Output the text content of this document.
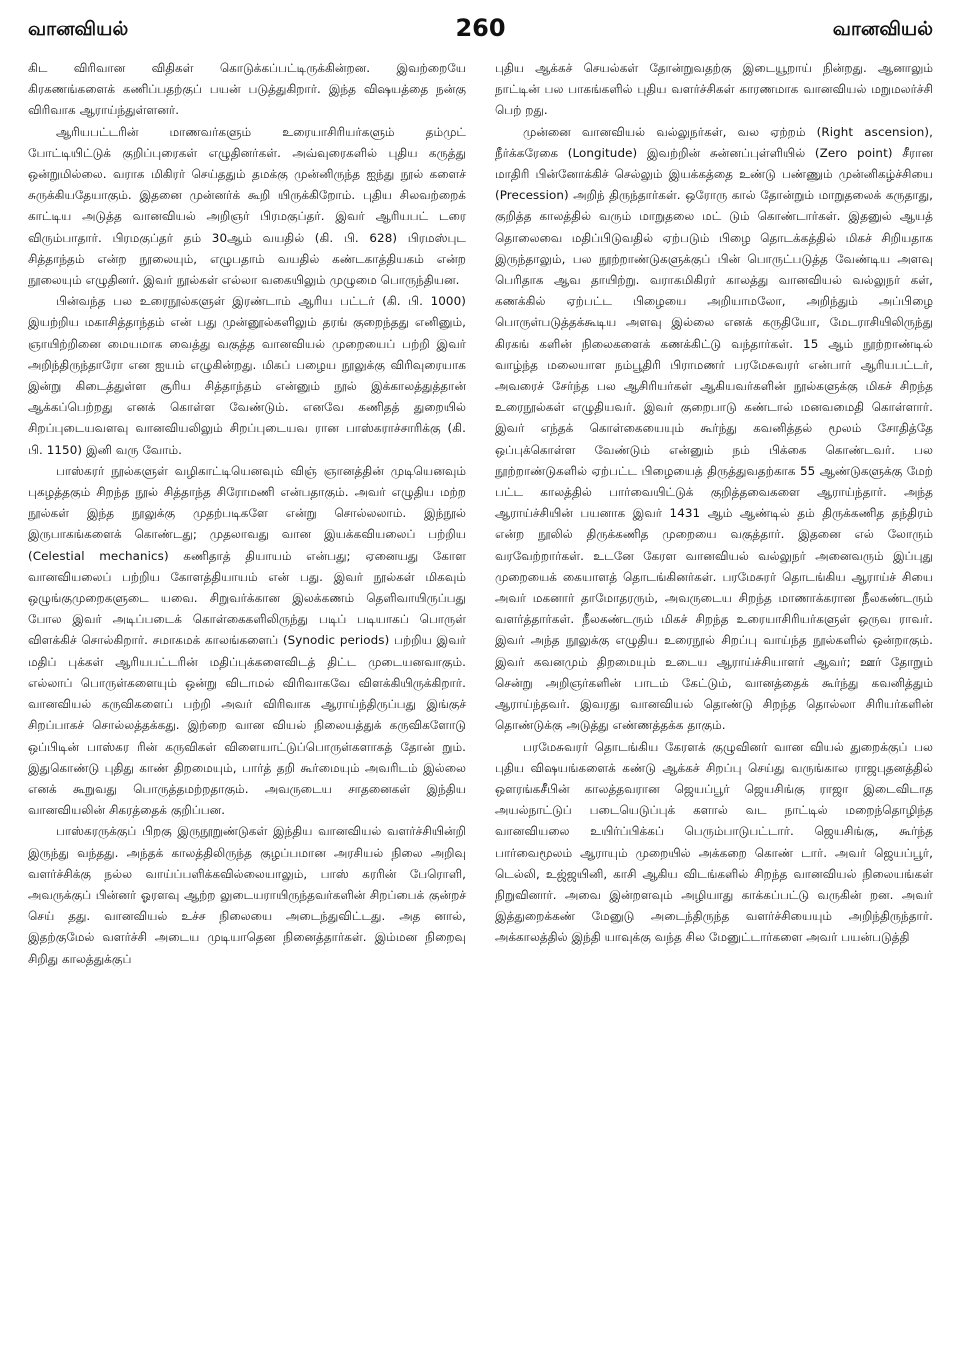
வானவியல்	260	வானவியல்

கிட விரிவான விதிகள் கொடுக்கப்பட்டிருக்கின்றன. இவற்றையே கிரகணங்களைக் கணிப்பதற்குப் பயன் படுத்துகிறார். இந்த விஷயத்தை நன்கு விரிவாக ஆராய்ந்துள்ளனர்.

ஆரியபட்டரின் மாணவர்களும் உரையாசிரியர்களும் தம்முட் போட்டியிட்டுக் குறிப்புரைகள் எழுதினர்கள். அவ்வுரைகளில் புதிய கருத்து ஒன்றுமில்லை. வராக மிகிரர் செய்ததும் தமக்கு முன்னிருந்த ஐந்து நூல் களைச் சுருக்கியதேயாகும். இதனை முன்னர்க் கூறி யிருக்கிறோம். புதிய சிலவற்றைக் காட்டிய அடுத்த வானவியல் அறிஞர் பிரமகுப்தர். இவர் ஆரியபட் டரை விரும்பாதார். பிரமகுப்தர் தம் 30ஆம் வயதில் (கி. பி. 628) பிரமஸ்புட சித்தாந்தம் என்ற நூலையும், எழுபதாம் வயதில் கண்டகாத்தியகம் என்ற நூலையும் எழுதினர். இவர் நூல்கள் எல்லா வகையிலும் முழுமை பொருந்தியன.

பின்வந்த பல உரைநூல்களுள் இரண்டாம் ஆரிய பட்டர் (கி. பி. 1000) இயற்றிய மகாசித்தாந்தம் என் பது முன்னூல்களிலும் தரங் குறைந்தது எனினும், ஞாயிற்றினை மையமாக வைத்து வகுத்த வானவியல் முறையைப் பற்றி இவர் அறிந்திருந்தாரோ என ஐயம் எழுகின்றது. மிகப் பழைய நூலுக்கு விரிவுரையாக இன்று கிடைத்துள்ள சூரிய சித்தாந்தம் என்னும் நூல் இக்காலத்துத்தான் ஆக்கப்பெற்றது எனக் கொள்ள வேண்டும். எனவே கணிதத் துறையில் சிறப்புடையவளவு வானவியலிலும் சிறப்புடையவ ரான பாஸ்கராச்சாரிக்கு (கி. பி. 1150) இனி வரு வோம்.

பாஸ்கரர் நூல்களுள் வழிகாட்டியெனவும் விஞ் ஞானத்தின் முடியெனவும் புகழத்தகும் சிறந்த நூல் சித்தாந்த சிரோமணி என்பதாகும். அவர் எழுதிய மற்ற நூல்கள் இந்த நூலுக்கு முதற்படிகளே என்று சொல்லலாம். இந்நூல் இருபாகங்களைக் கொண்டது; முதலாவது வான இயக்கவியலைப் பற்றிய (Celestial mechanics) கணிதாத் தியாயம் என்பது; ஏனையது கோள வானவியலைப் பற்றிய கோளத்தியாயம் என் பது. இவர் நூல்கள் மிகவும் ஒழுங்குமுறைகளுடை யவை. சிறுவர்க்கான இலக்கணம் தெளிவாயிருப்பது போல இவர் அடிப்படைக் கொள்கைகளிலிருந்து படிப் படியாகப் பொருள் விளக்கிச் சொல்கிறார். சமாகமக் காலங்களைப் (Synodic periods) பற்றிய இவர் மதிப் புக்கள் ஆரியபட்டரின் மதிப்புக்களைவிடத் திட்ட முடையனவாகும். எல்லாப் பொருள்களையும் ஒன்று விடாமல் விரிவாகவே விளக்கியிருக்கிறார். வானவியல் கருவிகளைப் பற்றி அவர் விரிவாக ஆராய்ந்திருப்பது இங்குச் சிறப்பாகச் சொல்லத்தக்கது. இற்றை வான வியல் நிலையத்துக் கருவிகளோடு ஒப்பிடின் பாஸ்கர ரின் கருவிகள் விளையாட்டுப்பொருள்களாகத் தோன் றும். இதுகொண்டு புதிது காண் திறமையும், பார்த் தறி கூர்மையும் அவரிடம் இல்லை எனக் கூறுவது பொருத்தமற்றதாகும். அவருடைய சாதனைகள் இந்திய வானவியலின் சிகரத்தைக் குறிப்பன.

பாஸ்கரருக்குப் பிறகு இருநூறுண்டுகள் இந்திய வானவியல் வளர்ச்சியின்றி இருந்து வந்தது. அந்தக் காலத்திலிருந்த குழப்பமான அரசியல் நிலை அறிவு வளர்ச்சிக்கு நல்ல வாய்ப்பளிக்கவில்லையாலும், பாஸ் கரரின் பேரொளி, அவருக்குப் பின்னர் ஓரளவு ஆற்ற லுடையராயிருந்தவர்களின் சிறப்பைக் குன்றச் செய் தது. வானவியல் உச்ச நிலையை அடைந்துவிட்டது. அத னால், இதற்குமேல் வளர்ச்சி அடைய முடியாதென நினைத்தார்கள். இம்மன நிறைவு சிறிது காலத்துக்குப்

புதிய ஆக்கச் செயல்கள் தோன்றுவதற்கு இடையூறாய் நின்றது. ஆனாலும் நாட்டின் பல பாகங்களில் புதிய வளர்ச்சிகள் காரணமாக வானவியல் மறுமலர்ச்சி பெற் றது.

முன்னை வானவியல் வல்லுநர்கள், வல ஏற்றம் (Right ascension), நீர்க்கரேகை (Longitude) இவற்றின் சுன்னப்புள்ளியில் (Zero point) சீரான மாதிரி பின்னோக்கிச் செல்லும் இயக்கத்தை உண்டு பண்ணும் முன்னிகழ்ச்சியை (Precession) அறிந் திருந்தார்கள். ஒரோரு கால் தோன்றும் மாறுதலைக் கருதாது, குறித்த காலத்தில் வரும் மாறுதலை மட் டும் கொண்டார்கள். இதனுல் ஆயத் தொலைவை மதிப்பிடுவதில் ஏற்படும் பிழை தொடக்கத்தில் மிகச் சிறியதாக இருந்தாலும், பல நூற்றாண்டுகளுக்குப் பின் பொருட்படுத்த வேண்டிய அளவு பெரிதாக ஆவ தாயிற்று. வராகமிகிரர் காலத்து வானவியல் வல்லுநர் கள், கணக்கில் ஏற்பட்ட பிழையை அறியாமலோ, அறிந்தும் அப்பிழை பொருள்படுத்தக்கூடிய அளவு இல்லை எனக் கருதியோ, மேடராசியிலிருந்து கிரகங் களின் நிலைகளைக் கணக்கிட்டு வந்தார்கள். 15 ஆம் நூற்றாண்டில் வாழ்ந்த மலையாள நம்பூதிரி பிராமணர் பரமேசுவரர் என்பார் ஆரியபட்டர், அவரைச் சேர்ந்த பல ஆசிரியர்கள் ஆகியவர்களின் நூல்களுக்கு மிகச் சிறந்த உரைநூல்கள் எழுதியவர். இவர் குறைபாடு கண்டால் மனவமைதி கொள்ளார். இவர் எந்தக் கொள்கையையும் கூர்ந்து கவனித்தல் மூலம் சோதித்தே ஒப்புக்கொள்ள வேண்டும் என்னும் நம் பிக்கை கொண்டவர். பல நூற்றாண்டுகளில் ஏற்பட்ட பிழையைத் திருத்துவதற்காக 55 ஆண்டுகளுக்கு மேற் பட்ட காலத்தில் பார்வையிட்டுக் குறித்தவைகளை ஆராய்ந்தார். அந்த ஆராய்ச்சியின் பயனாக இவர் 1431 ஆம் ஆண்டில் தம் திருக்கணித தந்திரம் என்ற நூலில் திருக்கணித முறையை வகுத்தார். இதனை எல் லோரும் வரவேற்றார்கள். உடனே கேரள வானவியல் வல்லுநர் அனைவரும் இப்புது முறையைக் கையாளத் தொடங்கினர்கள். பரமேசுரர் தொடங்கிய ஆராய்ச் சியை அவர் மகனார் தாமோதரரும், அவருடைய சிறந்த மாணாக்கரான நீலகண்டரும் வளர்த்தார்கள். நீலகண்டரும் மிகச் சிறந்த உரையாசிரியர்களுள் ஒருவ ராவர். இவர் அந்த நூலுக்கு எழுதிய உரைநூல் சிறப்பு வாய்ந்த நூல்களில் ஒன்றாகும். இவர் கவனமும் திறமையும் உடைய ஆராய்ச்சியாளர் ஆவர்; ஊர் தோறும் சென்று அறிஞர்களின் பாடம் கேட்டும், வானத்தைக் கூர்ந்து கவனித்தும் ஆராய்ந்தவர். இவரது வானவியல் தொண்டு சிறந்த தொல்லா சிரியர்களின் தொண்டுக்கு அடுத்து எண்ணத்தக்க தாகும்.

பரமேசுவரர் தொடங்கிய கேரளக் குழுவினர் வான வியல் துறைக்குப் பல புதிய விஷயங்களைக் கண்டு ஆக்கச் சிறப்பு செய்து வருங்கால ராஜபுதனத்தில் ஒளரங்கசீபின் காலத்தவரான ஜெயப்பூர் ஜெயசிங்கு ராஜா இடைவிடாத அயல்நாட்டுப் படையெடுப்புக் களால் வட நாட்டில் மறைந்தொழிந்த வானவியலை உயிர்ப்பிக்கப் பெரும்பாடுபட்டார். ஜெயசிங்கு, கூர்ந்த பார்வைமூலம் ஆராயும் முறையில் அக்கறை கொண் டார். அவர் ஜெயப்பூர், டெல்லி, உஜ்ஜயினி, காசி ஆகிய விடங்களில் சிறந்த வானவியல் நிலையங்கள் நிறுவினார். அவை இன்றளவும் அழியாது காக்கப்பட்டு வருகின் றன. அவர் இத்துறைக்கண் மேனுடு அடைந்திருந்த வளர்ச்சியையும் அறிந்திருந்தார். அக்காலத்தில் இந்தி யாவுக்கு வந்த சில மேனுட்டார்களை அவர் பயன்படுத்தி
